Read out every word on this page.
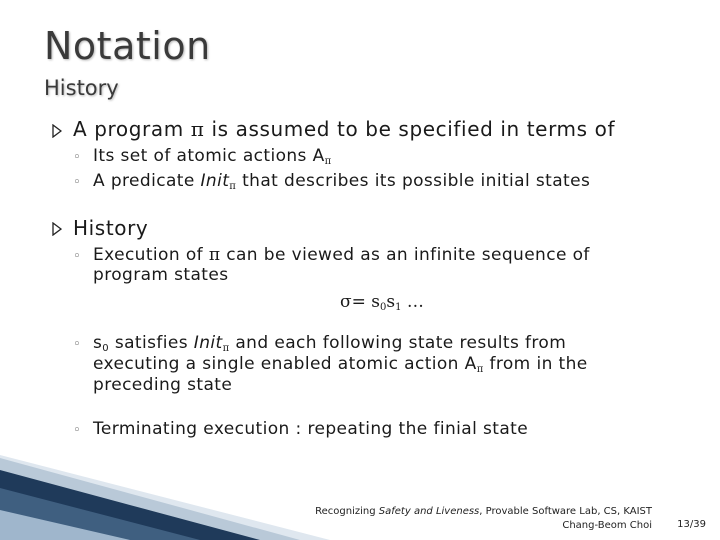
Notation
History
A program π is assumed to be specified in terms of
◦ Its set of atomic actions $A_\pi$
◦ A predicate Init$_\pi$ that describes its possible initial states
History
◦ Execution of π can be viewed as an infinite sequence of
program states
$\sigma= s_0s_1$ …
◦ $s_0$ satisfies Init$_\pi$ and each following state results from
executing a single enabled atomic action $A_\pi$ from in the
preceding state
◦ Terminating execution : repeating the finial state
Recognizing Safety and Liveness, Provable Software Lab, CS, KAIST
Chang-Beom Choi	13/39
